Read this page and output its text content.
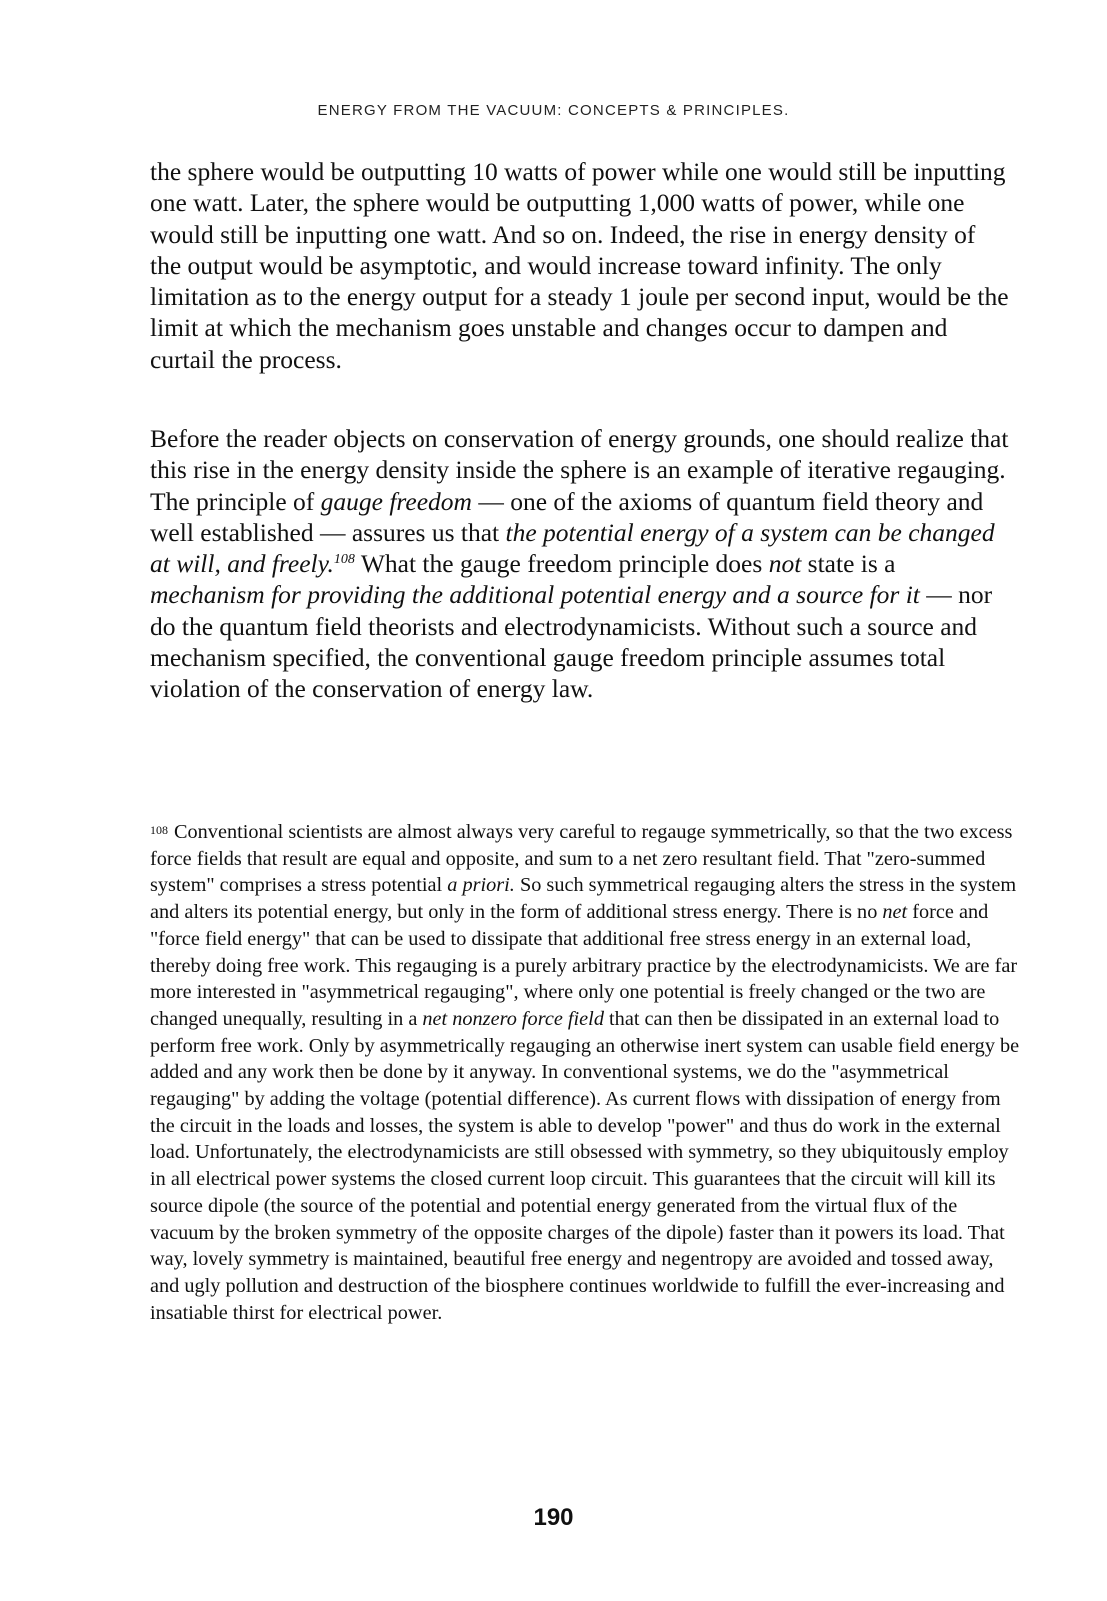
ENERGY FROM THE VACUUM: CONCEPTS & PRINCIPLES.

the sphere would be outputting 10 watts of power while one would still be inputting one watt. Later, the sphere would be outputting 1,000 watts of power, while one would still be inputting one watt. And so on. Indeed, the rise in energy density of the output would be asymptotic, and would increase toward infinity. The only limitation as to the energy output for a steady 1 joule per second input, would be the limit at which the mechanism goes unstable and changes occur to dampen and curtail the process.

Before the reader objects on conservation of energy grounds, one should realize that this rise in the energy density inside the sphere is an example of iterative regauging. The principle of gauge freedom — one of the axioms of quantum field theory and well established — assures us that the potential energy of a system can be changed at will, and freely.$^{108}$ What the gauge freedom principle does not state is a mechanism for providing the additional potential energy and a source for it — nor do the quantum field theorists and electrodynamicists. Without such a source and mechanism specified, the conventional gauge freedom principle assumes total violation of the conservation of energy law.

$^{108}$ Conventional scientists are almost always very careful to regauge symmetrically, so that the two excess force fields that result are equal and opposite, and sum to a net zero resultant field. That "zero-summed system" comprises a stress potential a priori. So such symmetrical regauging alters the stress in the system and alters its potential energy, but only in the form of additional stress energy. There is no net force and "force field energy" that can be used to dissipate that additional free stress energy in an external load, thereby doing free work. This regauging is a purely arbitrary practice by the electrodynamicists. We are far more interested in "asymmetrical regauging", where only one potential is freely changed or the two are changed unequally, resulting in a net nonzero force field that can then be dissipated in an external load to perform free work. Only by asymmetrically regauging an otherwise inert system can usable field energy be added and any work then be done by it anyway. In conventional systems, we do the "asymmetrical regauging" by adding the voltage (potential difference). As current flows with dissipation of energy from the circuit in the loads and losses, the system is able to develop "power" and thus do work in the external load. Unfortunately, the electrodynamicists are still obsessed with symmetry, so they ubiquitously employ in all electrical power systems the closed current loop circuit. This guarantees that the circuit will kill its source dipole (the source of the potential and potential energy generated from the virtual flux of the vacuum by the broken symmetry of the opposite charges of the dipole) faster than it powers its load. That way, lovely symmetry is maintained, beautiful free energy and negentropy are avoided and tossed away, and ugly pollution and destruction of the biosphere continues worldwide to fulfill the ever-increasing and insatiable thirst for electrical power.

190
